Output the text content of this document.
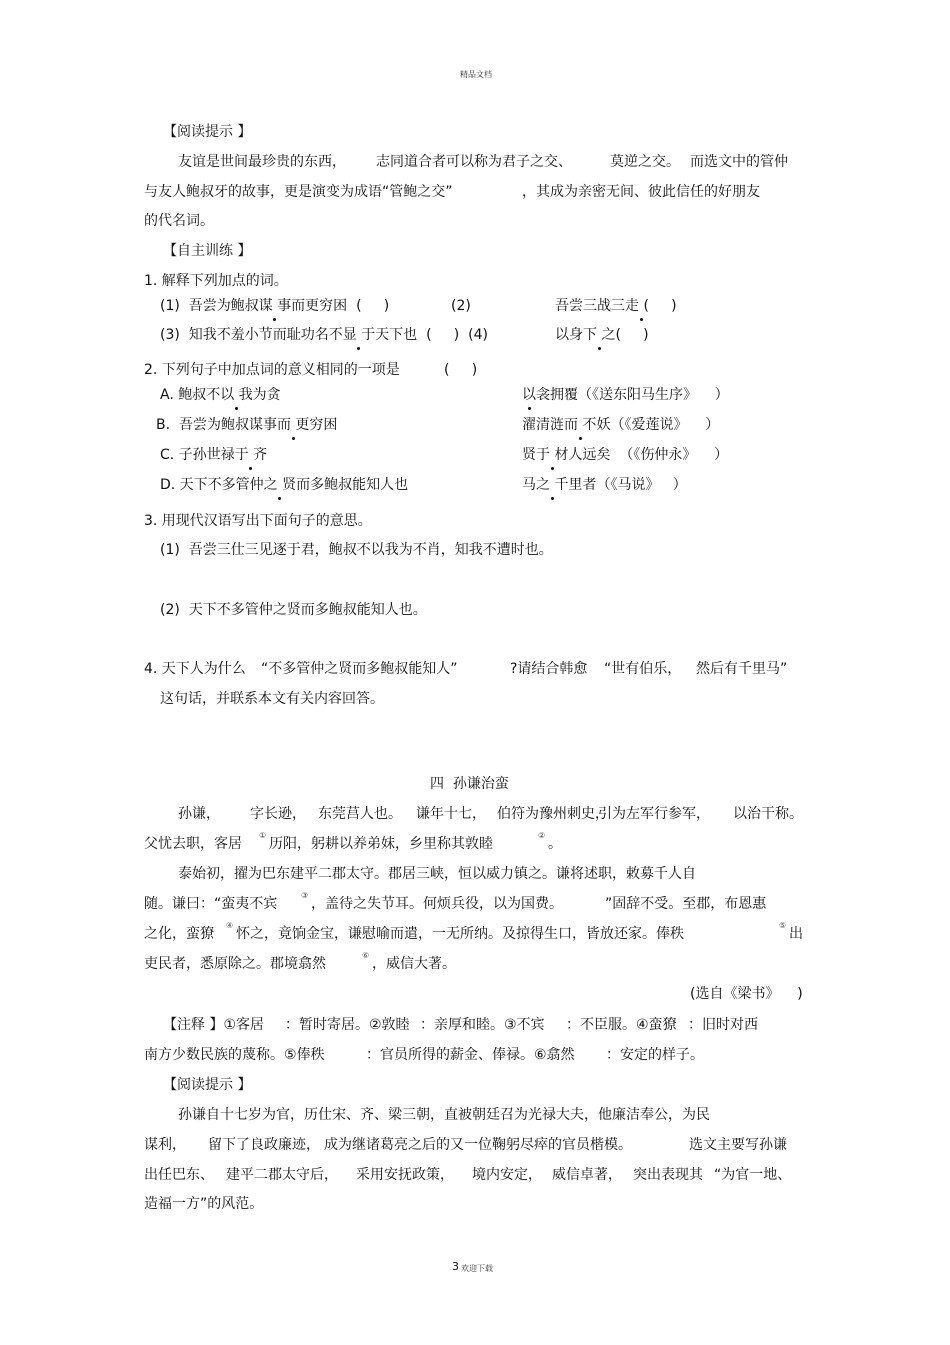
精品文档
【阅读提示 】
友谊是世间最珍贵的东西， 志同道合者可以称为君子之交、	莫逆之交。 而选文中的管仲
与友人鲍叔牙的故事，更是演变为成语“管鲍之交”	，其成为亲密无间、彼此信任的好朋友
的代名词。
【自主训练 】
1. 解释下列加点的词。
(1)  吾尝为鲍叔谋 事而更穷困  (     )	(2)	吾尝三战三走 (     )
(3)  知我不羞小节而耻功名不显 于天下也  (     )  (4)	以身下 之(     )
2. 下列句子中加点词的意义相同的一项是	(     )
A. 鲍叔不以 我为贪	以衾拥覆（《送东阳马生序》    ）
B.  吾尝为鲍叔谋事而 更穷困	濯清涟而 不妖（《爱莲说》    ）
C. 子孙世禄于 齐	贤于 材人远矣  （《伤仲永》    ）
D. 天下不多管仲之 贤而多鲍叔能知人也	马之 千里者（《马说》   ）
3. 用现代汉语写出下面句子的意思。
(1)  吾尝三仕三见逐于君，鲍叔不以我为不肖，知我不遭时也。
(2)  天下不多管仲之贤而多鲍叔能知人也。
4. 天下人为什么 “不多管仲之贤而多鲍叔能知人”	?请结合韩愈 “世有伯乐， 然后有千里马”
这句话，并联系本文有关内容回答。
四  孙谦治蛮
孙谦， 字长逊， 东莞莒人也。 谦年十七， 伯符为豫州刺史，
引为左军行参军， 以治干称。
父忧去职，客居
①
历阳，躬耕以养弟妹，乡里称其敦睦
②
。
泰始初，擢为巴东建平二郡太守。郡居三峡，恒以威力镇之。谦将述职，敕募千人自
随。谦曰：“蛮夷不宾
③
，盖待之失节耳。何烦兵役，以为国费。	”固辞不受。至郡，布恩惠
之化，蛮獠
④
怀之，竟饷金宝，谦慰喻而遣，一无所纳。及掠得生口，皆放还家。俸秩
⑤
出
吏民者，悉原除之。郡境翕然
⑥
，威信大著。
(选自《梁书》    )
【注释 】①客居 ：暂时寄居。②敦睦 ：亲厚和睦。③不宾 ：不臣服。④蛮獠 ：旧时对西
南方少数民族的蔑称。⑤俸秩	：官员所得的薪金、俸禄。⑥翕然 ：安定的样子。
【阅读提示 】
孙谦自十七岁为官，历仕宋、齐、梁三朝，直被朝廷召为光禄大夫，他廉洁奉公，为民
谋利， 留下了良政廉迹， 成为继诸葛亮之后的又一位鞠躬尽瘁的官员楷模。	选文主要写孙谦
出任巴东、 建平二郡太守后， 采用安抚政策， 境内安定， 威信卓著， 突出表现其 “为官一地、
造福一方”的风范。
3 欢迎下载
